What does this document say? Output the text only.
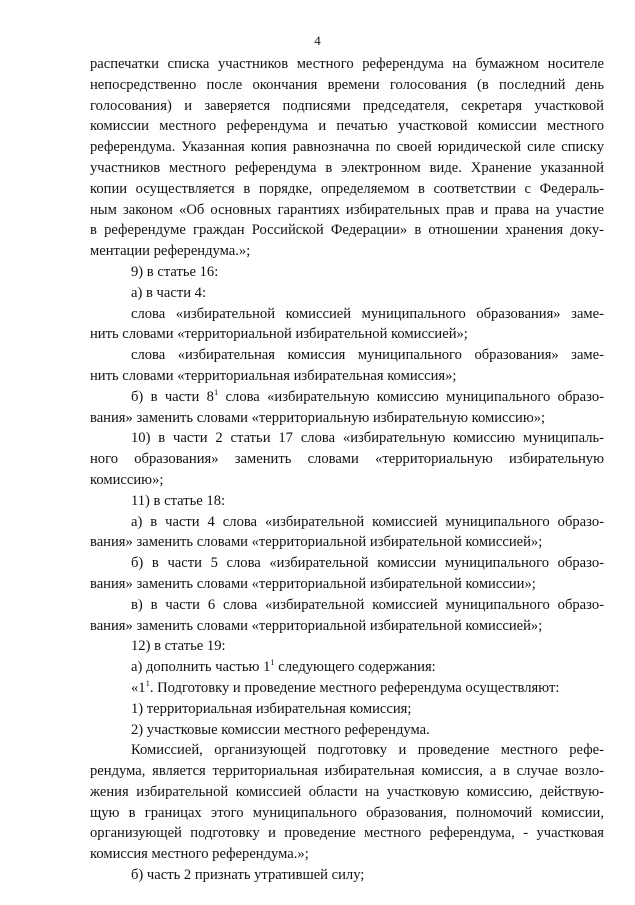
4
распечатки списка участников местного референдума на бумажном носителе
непосредственно после окончания времени голосования (в последний день
голосования) и заверяется подписями председателя, секретаря участковой
комиссии местного референдума и печатью участковой комиссии местного
референдума. Указанная копия равнозначна по своей юридической силе списку
участников местного референдума в электронном виде. Хранение указанной
копии осуществляется в порядке, определяемом в соответствии с Федераль-
ным законом «Об основных гарантиях избирательных прав и права на участие
в референдуме граждан Российской Федерации» в отношении хранения доку-
ментации референдума.»;
9) в статье 16:
а) в части 4:
слова «избирательной комиссией муниципального образования» заме-
нить словами «территориальной избирательной комиссией»;
слова «избирательная комиссия муниципального образования» заме-
нить словами «территориальная избирательная комиссия»;
б) в части $8^1$ слова «избирательную комиссию муниципального образо-
вания» заменить словами «территориальную избирательную комиссию»;
10) в части 2 статьи 17 слова «избирательную комиссию муниципаль-
ного образования» заменить словами «территориальную избирательную
комиссию»;
11) в статье 18:
а) в части 4 слова «избирательной комиссией муниципального образо-
вания» заменить словами «территориальной избирательной комиссией»;
б) в части 5 слова «избирательной комиссии муниципального образо-
вания» заменить словами «территориальной избирательной комиссии»;
в) в части 6 слова «избирательной комиссией муниципального образо-
вания» заменить словами «территориальной избирательной комиссией»;
12) в статье 19:
а) дополнить частью $1^1$ следующего содержания:
«$1^1$. Подготовку и проведение местного референдума осуществляют:
1) территориальная избирательная комиссия;
2) участковые комиссии местного референдума.
Комиссией, организующей подготовку и проведение местного рефе-
рендума, является территориальная избирательная комиссия, а в случае возло-
жения избирательной комиссией области на участковую комиссию, действую-
щую в границах этого муниципального образования, полномочий комиссии,
организующей подготовку и проведение местного референдума, - участковая
комиссия местного референдума.»;
б) часть 2 признать утратившей силу;
